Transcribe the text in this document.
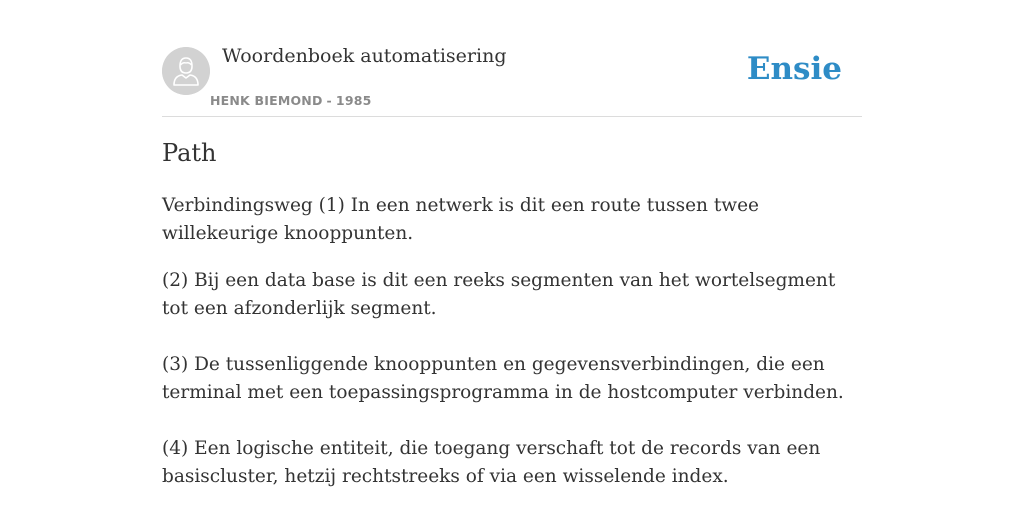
Woordenboek automatisering
HENK BIEMOND - 1985
Ensie
Path

Verbindingsweg (1) In een netwerk is dit een route tussen twee willekeurige knooppunten.

(2) Bij een data base is dit een reeks segmenten van het wortelsegment tot een afzonderlijk segment.

(3) De tussenliggende knooppunten en gegevensverbindingen, die een terminal met een toepassingsprogramma in de hostcomputer verbinden.

(4) Een logische entiteit, die toegang verschaft tot de records van een basiscluster, hetzij rechtstreeks of via een wisselende index.
